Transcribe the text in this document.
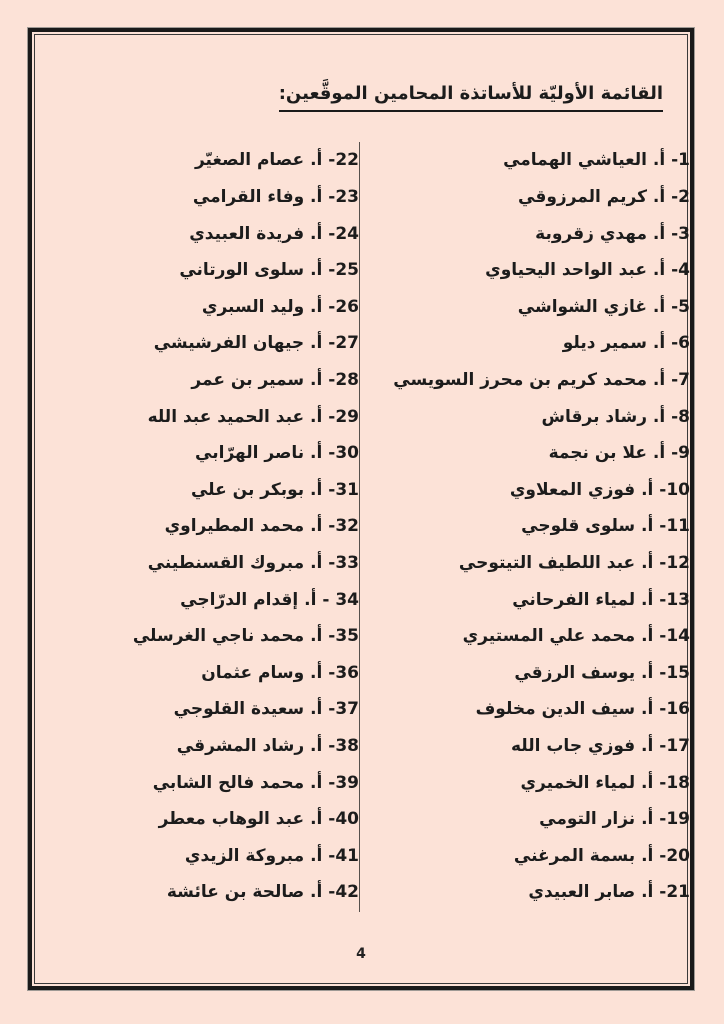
القائمة الأوليّة للأساتذة المحامين الموقَّعين:
1- أ. العياشي الهمامي
2- أ. كريم المرزوقي
3- أ. مهدي زقروبة
4- أ. عبد الواحد اليحياوي
5- أ. غازي الشواشي
6- أ. سمير ديلو
7- أ. محمد كريم بن محرز السويسي
8- أ. رشاد برقاش
9- أ. علا بن نجمة
10- أ. فوزي المعلاوي
11- أ. سلوى قلوجي
12- أ. عبد اللطيف التيتوحي
13- أ. لمياء الفرحاني
14- أ. محمد علي المستيري
15- أ. يوسف الرزقي
16- أ. سيف الدين مخلوف
17- أ. فوزي جاب الله
18- أ. لمياء الخميري
19- أ. نزار التومي
20- أ. بسمة المرغني
21- أ. صابر العبيدي
22- أ. عصام الصغيّر
23- أ. وفاء القرامي
24- أ. فريدة العبيدي
25- أ. سلوى الورتاني
26- أ. وليد السبري
27- أ. جيهان الفرشيشي
28- أ. سمير بن عمر
29- أ. عبد الحميد عبد الله
30- أ. ناصر الهرّابي
31- أ. بوبكر بن علي
32- أ. محمد المطيراوي
33- أ. مبروك القسنطيني
34 - أ. إقدام الدرّاجي
35- أ. محمد ناجي الغرسلي
36- أ. وسام عثمان
37- أ. سعيدة القلوجي
38- أ. رشاد المشرقي
39- أ. محمد فالح الشابي
40- أ. عبد الوهاب معطر
41- أ. مبروكة الزيدي
42- أ. صالحة بن عائشة
4
